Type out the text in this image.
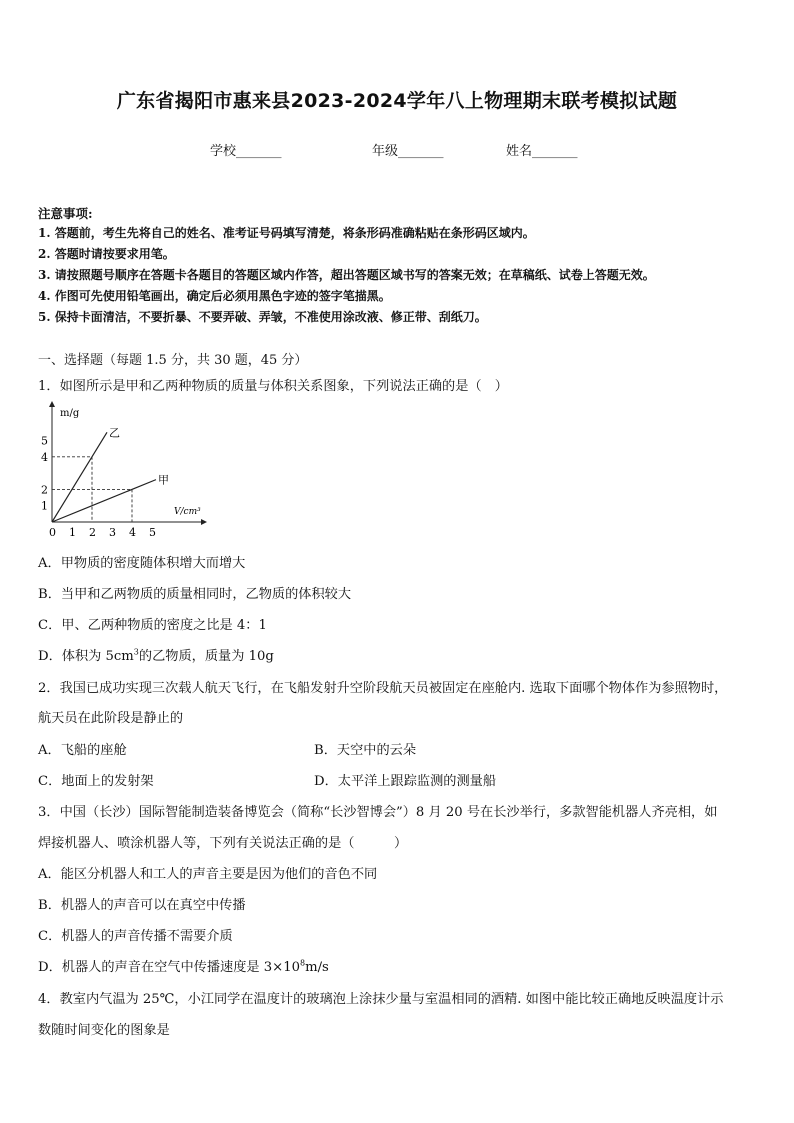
广东省揭阳市惠来县2023-2024学年八上物理期末联考模拟试题
学校_______	年级_______	姓名_______
注意事项:
1. 答题前，考生先将自己的姓名、准考证号码填写清楚，将条形码准确粘贴在条形码区域内。
2. 答题时请按要求用笔。
3. 请按照题号顺序在答题卡各题目的答题区域内作答，超出答题区域书写的答案无效；在草稿纸、试卷上答题无效。
4. 作图可先使用铅笔画出，确定后必须用黑色字迹的签字笔描黑。
5. 保持卡面清洁，不要折暴、不要弄破、弄皱，不准使用涂改液、修正带、刮纸刀。
一、选择题（每题 1.5 分，共 30 题，45 分）
1．如图所示是甲和乙两种物质的质量与体积关系图象，下列说法正确的是（　）
m/g
V/cm³
0 1 2 3 4 5
1
2
4
5
乙
甲
A．甲物质的密度随体积增大而增大
B．当甲和乙两物质的质量相同时，乙物质的体积较大
C．甲、乙两种物质的密度之比是 4：1
D．体积为 $5cm^3$的乙物质，质量为 10g
2．我国已成功实现三次载人航天飞行，在飞船发射升空阶段航天员被固定在座舱内. 选取下面哪个物体作为参照物时，
航天员在此阶段是静止的
A．飞船的座舱	B．天空中的云朵
C．地面上的发射架	D．太平洋上跟踪监测的测量船
3．中国（长沙）国际智能制造装备博览会（简称“长沙智博会”）8 月 20 号在长沙举行，多款智能机器人齐亮相，如
焊接机器人、喷涂机器人等，下列有关说法正确的是（　　　）
A．能区分机器人和工人的声音主要是因为他们的音色不同
B．机器人的声音可以在真空中传播
C．机器人的声音传播不需要介质
D．机器人的声音在空气中传播速度是 $3\times 10^8m/s$
4．教室内气温为 25℃，小江同学在温度计的玻璃泡上涂抹少量与室温相同的酒精. 如图中能比较正确地反映温度计示
数随时间变化的图象是
